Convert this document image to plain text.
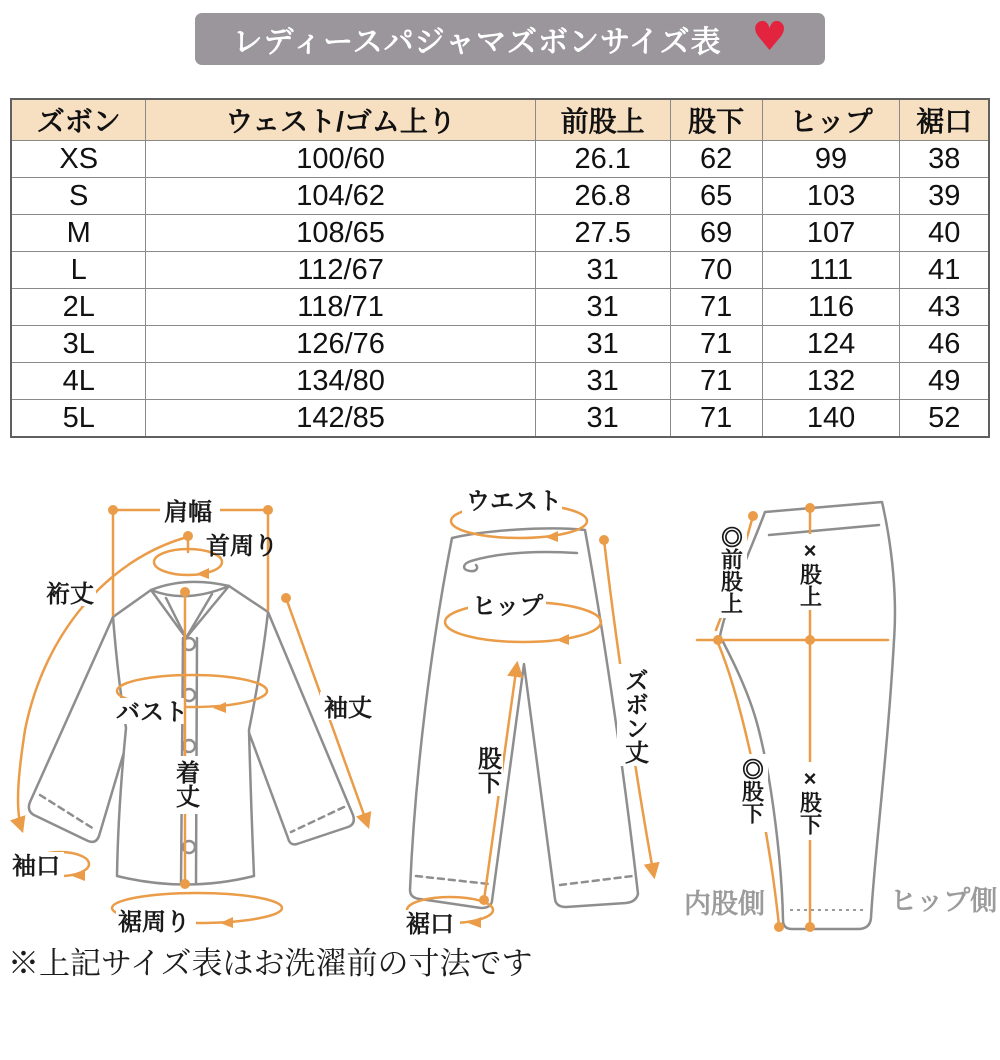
レディースパジャマズボンサイズ表 ♥
ズボン	ウェスト/ゴム上り	前股上	股下	ヒップ	裾口
XS	100/60	26.1	62	99	38
S	104/62	26.8	65	103	39
M	108/65	27.5	69	107	40
L	112/67	31	70	111	41
2L	118/71	31	71	116	43
3L	126/76	31	71	124	46
4L	134/80	31	71	132	49
5L	142/85	31	71	140	52
肩幅
首周り
裄丈
袖丈
バスト
着丈
袖口
裾周り
ウエスト
ヒップ
ズボン丈
股下
裾口
◎前股上 ×股上
◎股下 ×股下
内股側	ヒップ側
※上記サイズ表はお洗濯前の寸法です
